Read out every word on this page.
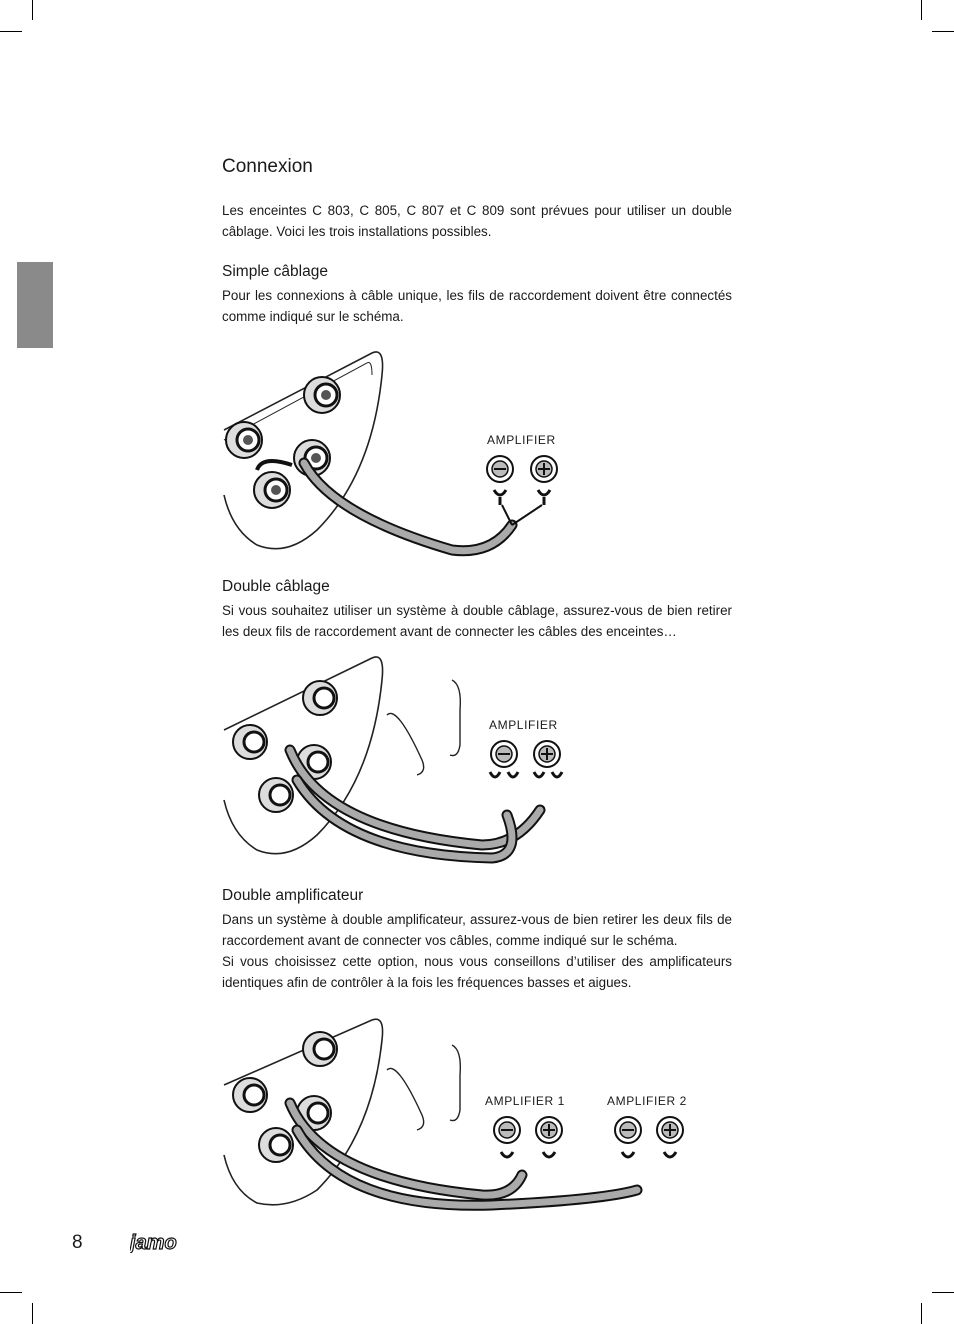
Connexion

Les enceintes C 803, C 805, C 807 et C 809 sont prévues pour utiliser un double câblage. Voici les trois installations possibles.

Simple câblage

Pour les connexions à câble unique, les fils de raccordement doivent être connectés comme indiqué sur le schéma.

AMPLIFIER
Double câblage

Si vous souhaitez utiliser un système à double câblage, assurez-vous de bien retirer les deux fils de raccordement avant de connecter les câbles des enceintes…

AMPLIFIER
Double amplificateur

Dans un système à double amplificateur, assurez-vous de bien retirer les deux fils de raccordement avant de connecter vos câbles, comme indiqué sur le schéma.

Si vous choisissez cette option, nous vous conseillons d’utiliser des amplificateurs identiques afin de contrôler à la fois les fréquences basses et aigues.

AMPLIFIER 1	AMPLIFIER 2
8 jamo
